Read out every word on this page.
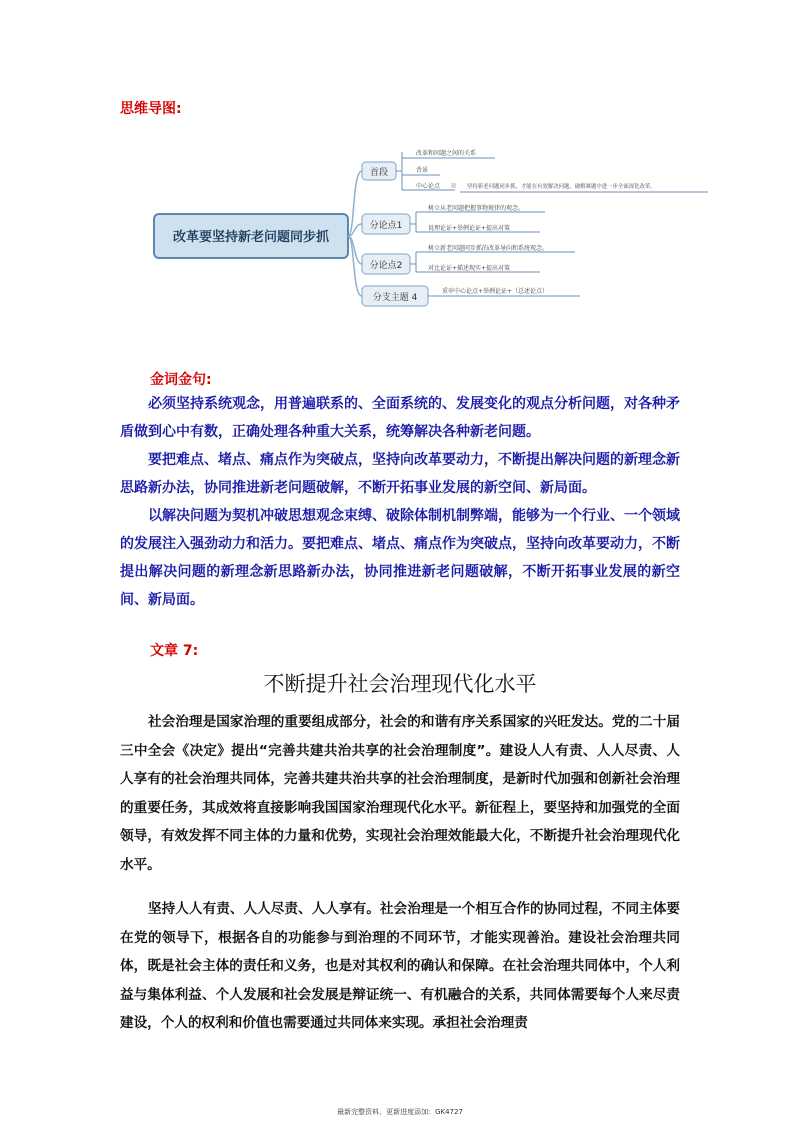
思维导图:
改革要坚持新老问题同步抓
首段
改革和问题之间的关系
背景
中心论点	坚持新老问题同步抓，才能在有效解决问题、破解难题中进一步全面深化改革。
分论点1
树立从老问题把握事物规律的观念。
说理论证+举例论证+提出对策
分论点2
树立新老问题同步抓的改革导向和系统观念。
对比论证+描述现实+提出对策
分支主题 4
重申中心论点+举例论证+（总述论点）
金词金句:
必须坚持系统观念，用普遍联系的、全面系统的、发展变化的观点分析问题，对各种矛盾做到心中有数，正确处理各种重大关系，统筹解决各种新老问题。
要把难点、堵点、痛点作为突破点，坚持向改革要动力，不断提出解决问题的新理念新思路新办法，协同推进新老问题破解，不断开拓事业发展的新空间、新局面。
以解决问题为契机冲破思想观念束缚、破除体制机制弊端，能够为一个行业、一个领域的发展注入强劲动力和活力。要把难点、堵点、痛点作为突破点，坚持向改革要动力，不断提出解决问题的新理念新思路新办法，协同推进新老问题破解，不断开拓事业发展的新空间、新局面。
文章 7:
不断提升社会治理现代化水平
社会治理是国家治理的重要组成部分，社会的和谐有序关系国家的兴旺发达。党的二十届三中全会《决定》提出“完善共建共治共享的社会治理制度”。建设人人有责、人人尽责、人人享有的社会治理共同体，完善共建共治共享的社会治理制度，是新时代加强和创新社会治理的重要任务，其成效将直接影响我国国家治理现代化水平。新征程上，要坚持和加强党的全面领导，有效发挥不同主体的力量和优势，实现社会治理效能最大化，不断提升社会治理现代化水平。
坚持人人有责、人人尽责、人人享有。社会治理是一个相互合作的协同过程，不同主体要在党的领导下，根据各自的功能参与到治理的不同环节，才能实现善治。建设社会治理共同体，既是社会主体的责任和义务，也是对其权利的确认和保障。在社会治理共同体中，个人利益与集体利益、个人发展和社会发展是辩证统一、有机融合的关系，共同体需要每个人来尽责建设，个人的权利和价值也需要通过共同体来实现。承担社会治理责
最新完整资料、更新进度添加：GK4727
